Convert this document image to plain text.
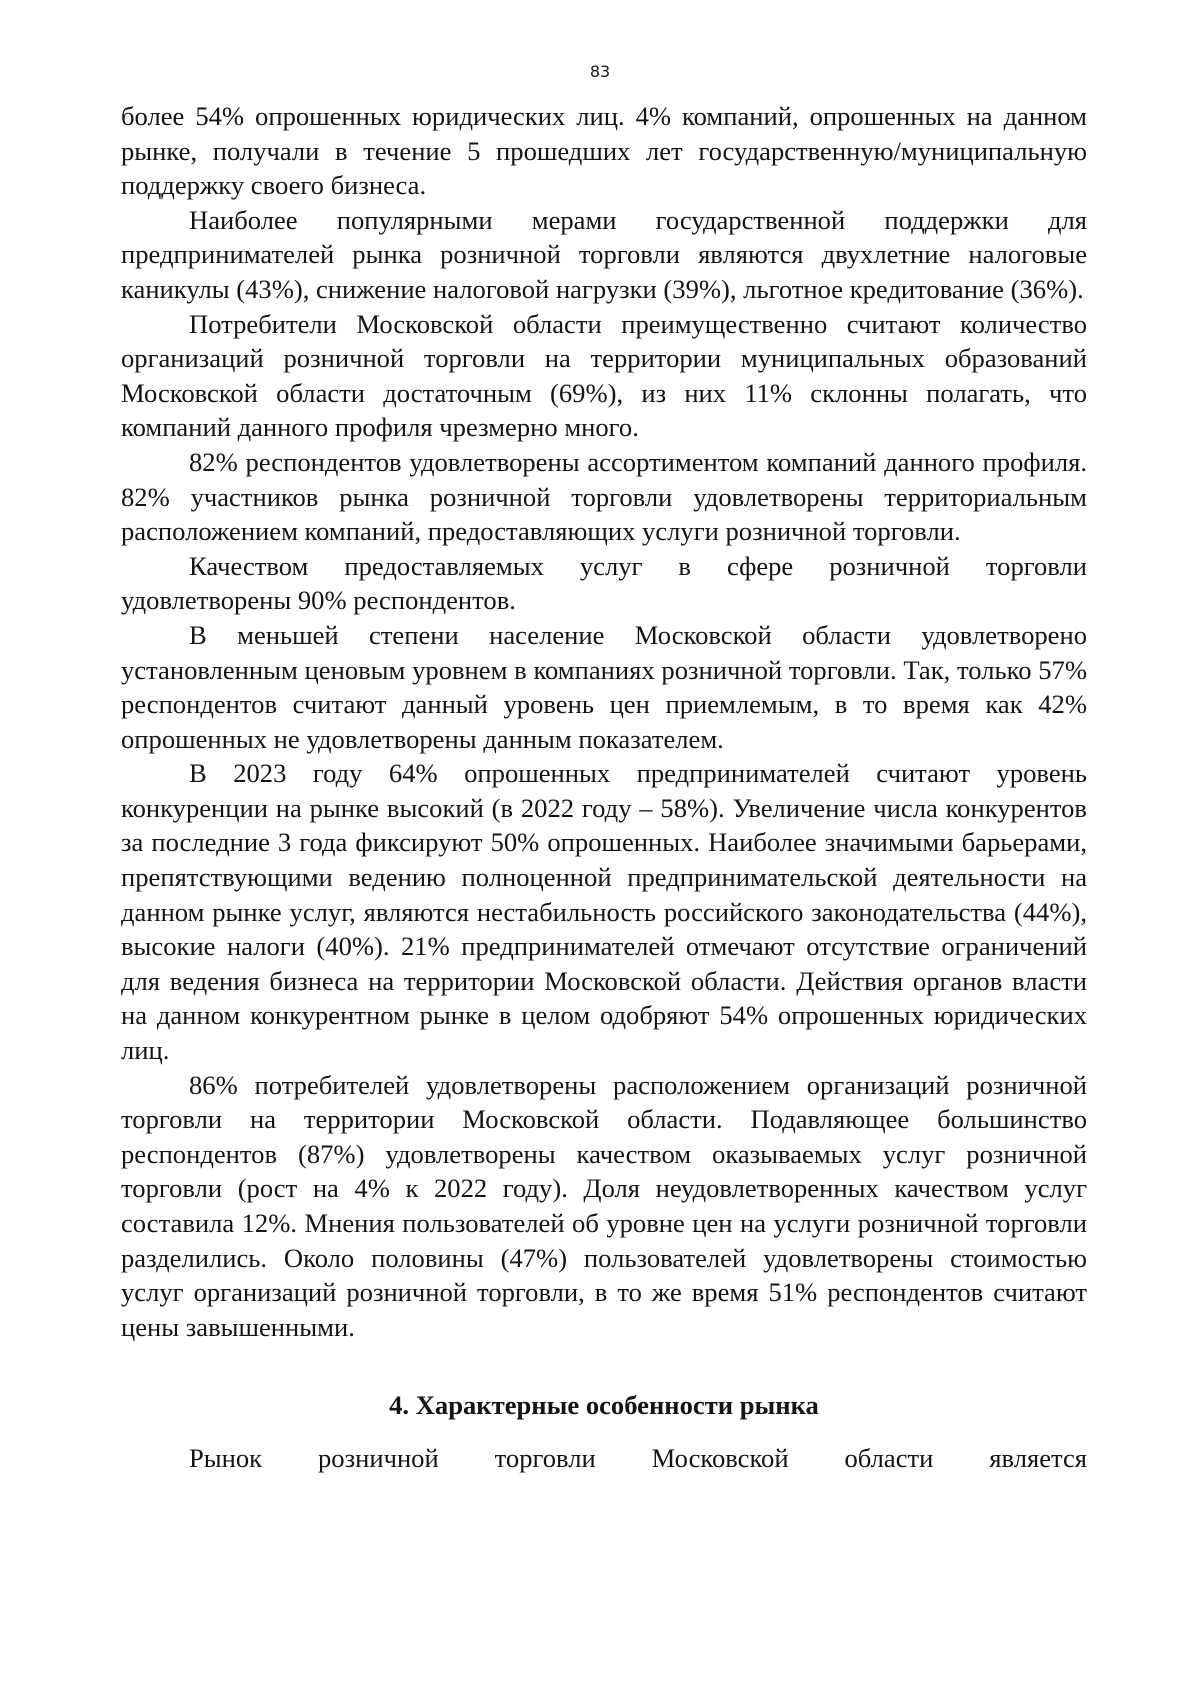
83

более 54% опрошенных юридических лиц. 4% компаний, опрошенных на данном рынке, получали в течение 5 прошедших лет государственную/муниципальную поддержку своего бизнеса.

Наиболее популярными мерами государственной поддержки для предпринимателей рынка розничной торговли являются двухлетние налоговые каникулы (43%), снижение налоговой нагрузки (39%), льготное кредитование (36%).

Потребители Московской области преимущественно считают количество организаций розничной торговли на территории муниципальных образований Московской области достаточным (69%), из них 11% склонны полагать, что компаний данного профиля чрезмерно много.

82% респондентов удовлетворены ассортиментом компаний данного профиля. 82% участников рынка розничной торговли удовлетворены территориальным расположением компаний, предоставляющих услуги розничной торговли.

Качеством предоставляемых услуг в сфере розничной торговли удовлетворены 90% респондентов.

В меньшей степени население Московской области удовлетворено установленным ценовым уровнем в компаниях розничной торговли. Так, только 57% респондентов считают данный уровень цен приемлемым, в то время как 42% опрошенных не удовлетворены данным показателем.

В 2023 году 64% опрошенных предпринимателей считают уровень конкуренции на рынке высокий (в 2022 году – 58%). Увеличение числа конкурентов за последние 3 года фиксируют 50% опрошенных. Наиболее значимыми барьерами, препятствующими ведению полноценной предпринимательской деятельности на данном рынке услуг, являются нестабильность российского законодательства (44%), высокие налоги (40%). 21% предпринимателей отмечают отсутствие ограничений для ведения бизнеса на территории Московской области. Действия органов власти на данном конкурентном рынке в целом одобряют 54% опрошенных юридических лиц.

86% потребителей удовлетворены расположением организаций розничной торговли на территории Московской области. Подавляющее большинство респондентов (87%) удовлетворены качеством оказываемых услуг розничной торговли (рост на 4% к 2022 году). Доля неудовлетворенных качеством услуг составила 12%. Мнения пользователей об уровне цен на услуги розничной торговли разделились. Около половины (47%) пользователей удовлетворены стоимостью услуг организаций розничной торговли, в то же время 51% респондентов считают цены завышенными.

4. Характерные особенности рынка

Рынок розничной торговли Московской области является
